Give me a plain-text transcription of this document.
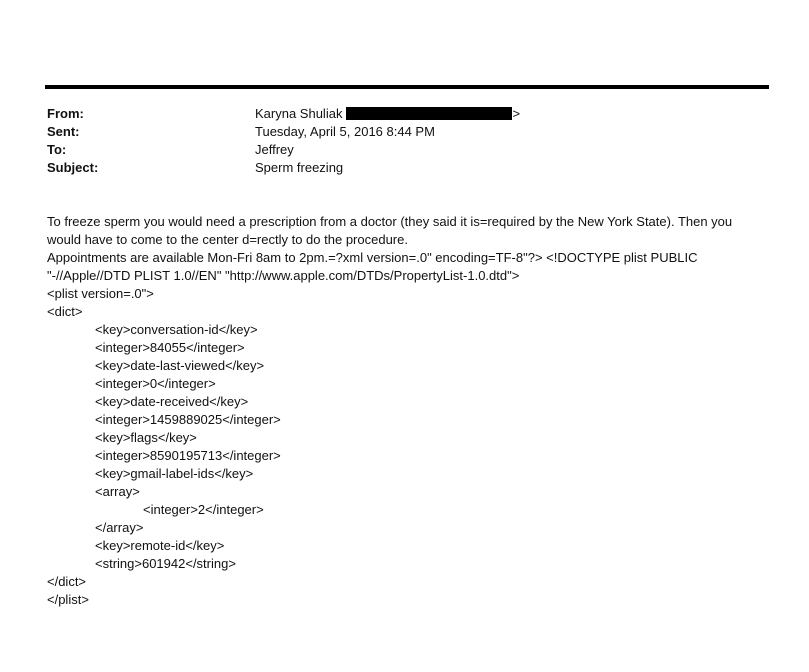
From:	Karyna Shuliak	>
Sent:	Tuesday, April 5, 2016 8:44 PM
To:	Jeffrey
Subject:	Sperm freezing

To freeze sperm you would need a prescription from a doctor (they said it is=required by the New York State). Then you would have to come to the center d=rectly to do the procedure.

Appointments are available Mon-Fri 8am to 2pm.=?xml version=.0" encoding=TF-8"?> <!DOCTYPE plist PUBLIC "-//Apple//DTD PLIST 1.0//EN" "http://www.apple.com/DTDs/PropertyList-1.0.dtd">

<plist version=.0">
<dict>
<key>conversation-id</key>
<integer>84055</integer>
<key>date-last-viewed</key>
<integer>0</integer>
<key>date-received</key>
<integer>1459889025</integer>
<key>flags</key>
<integer>8590195713</integer>
<key>gmail-label-ids</key>
<array>
<integer>2</integer>
</array>
<key>remote-id</key>
<string>601942</string>
</dict>
</plist>
